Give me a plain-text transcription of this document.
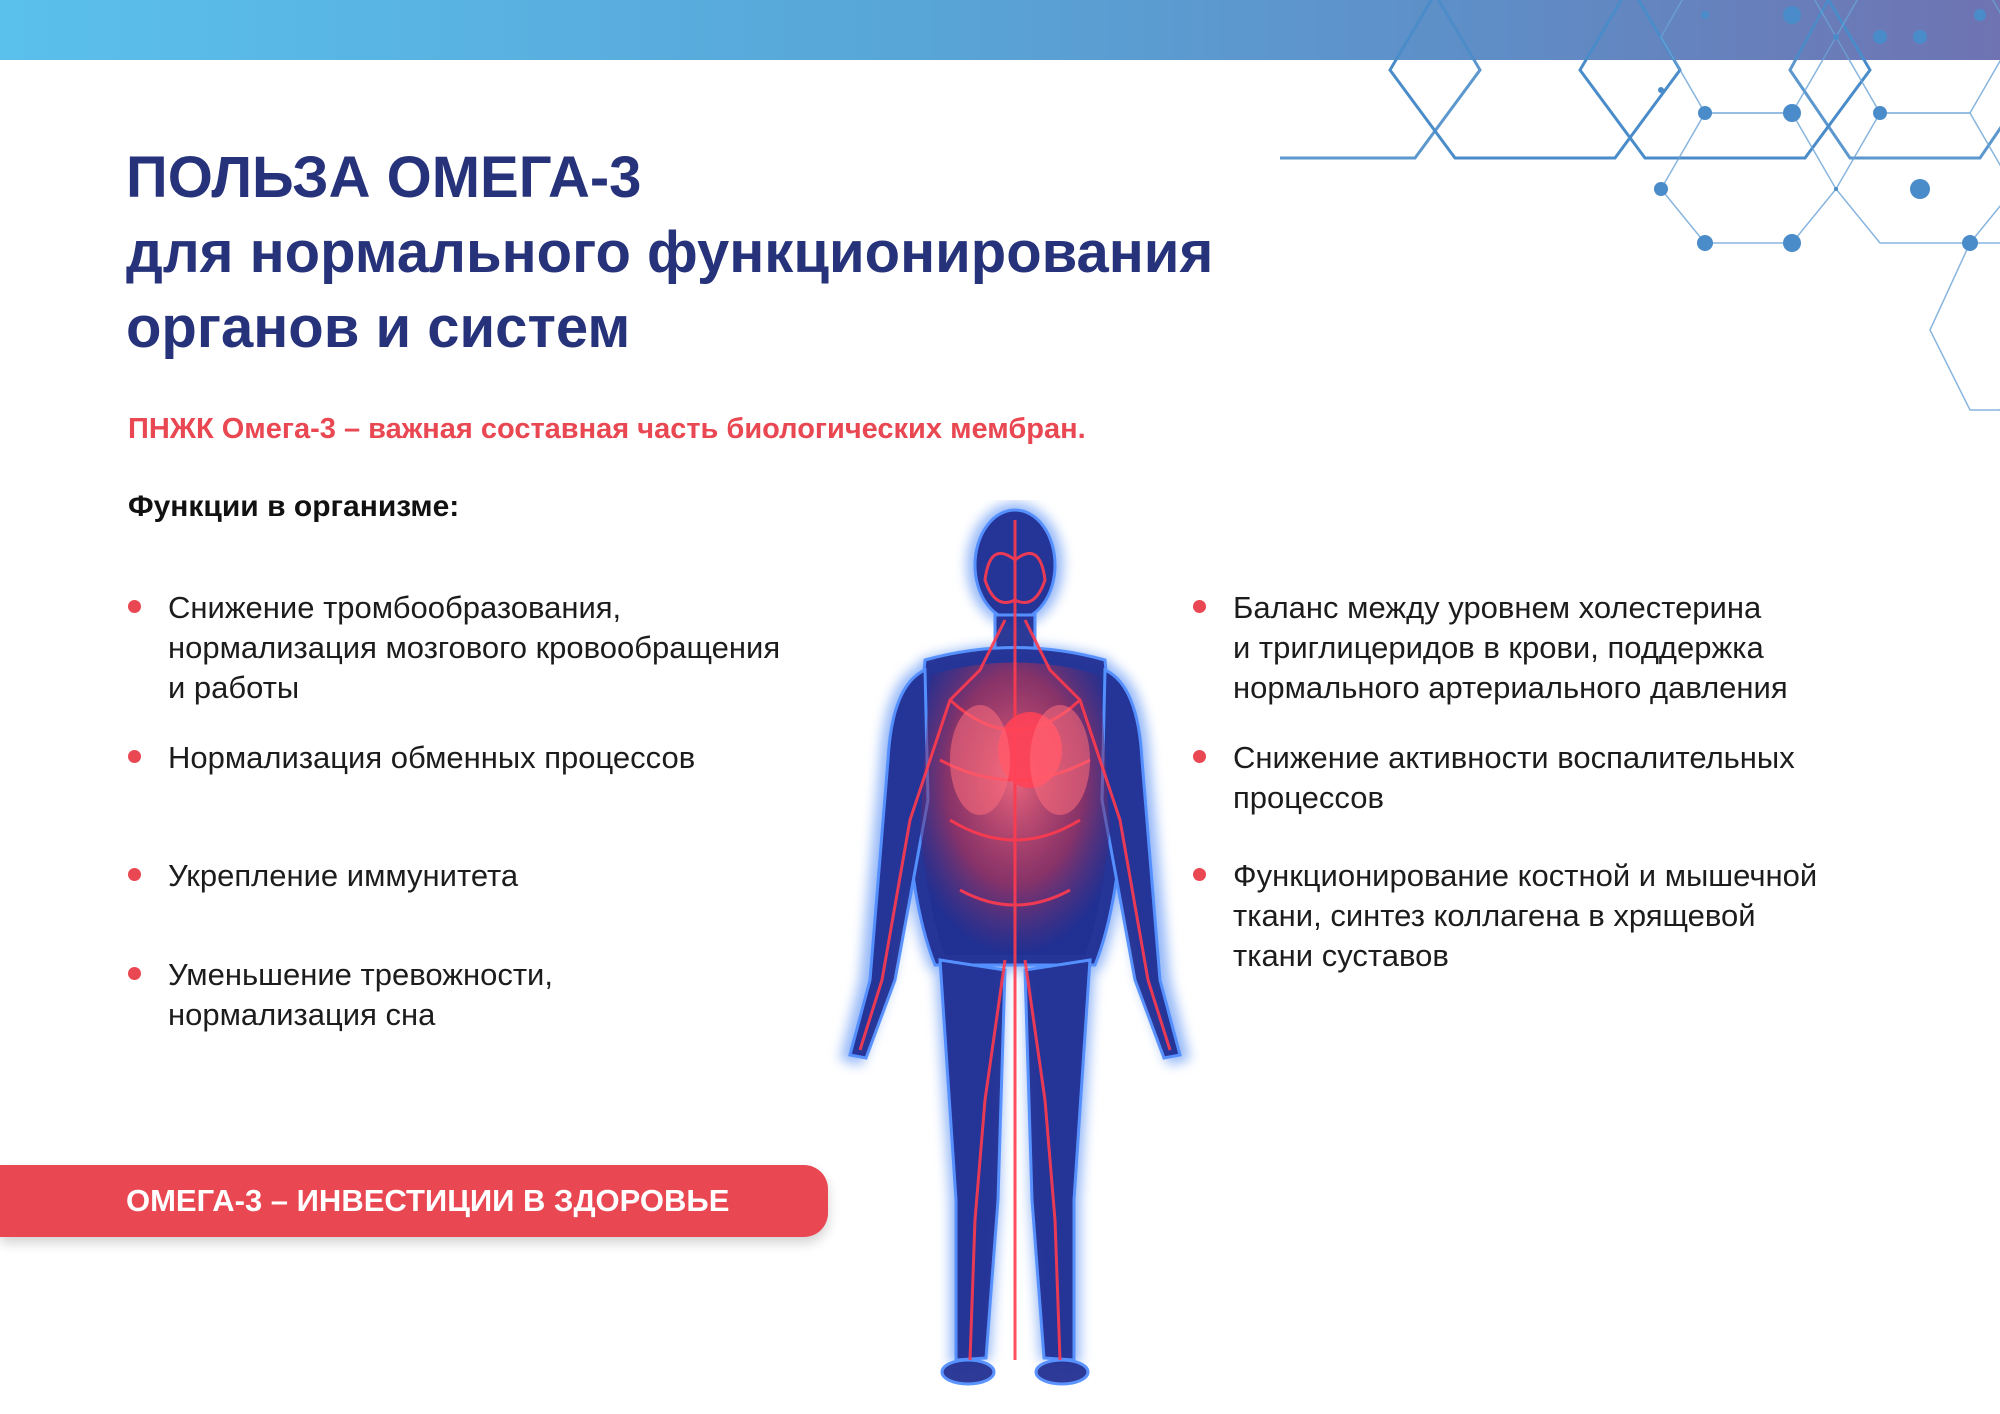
ПОЛЬЗА ОМЕГА-3
для нормального функционирования
органов и систем

ПНЖК Омега-3 – важная составная часть биологических мембран.

Функции в организме:

Снижение тромбообразования,
нормализация мозгового кровообращения
и работы
Нормализация обменных процессов
Укрепление иммунитета
Уменьшение тревожности,
нормализация сна
Баланс между уровнем холестерина
и триглицеридов в крови, поддержка
нормального артериального давления
Снижение активности воспалительных
процессов
Функционирование костной и мышечной
ткани, синтез коллагена в хрящевой
ткани суставов
ОМЕГА-3 – ИНВЕСТИЦИИ В ЗДОРОВЬЕ
